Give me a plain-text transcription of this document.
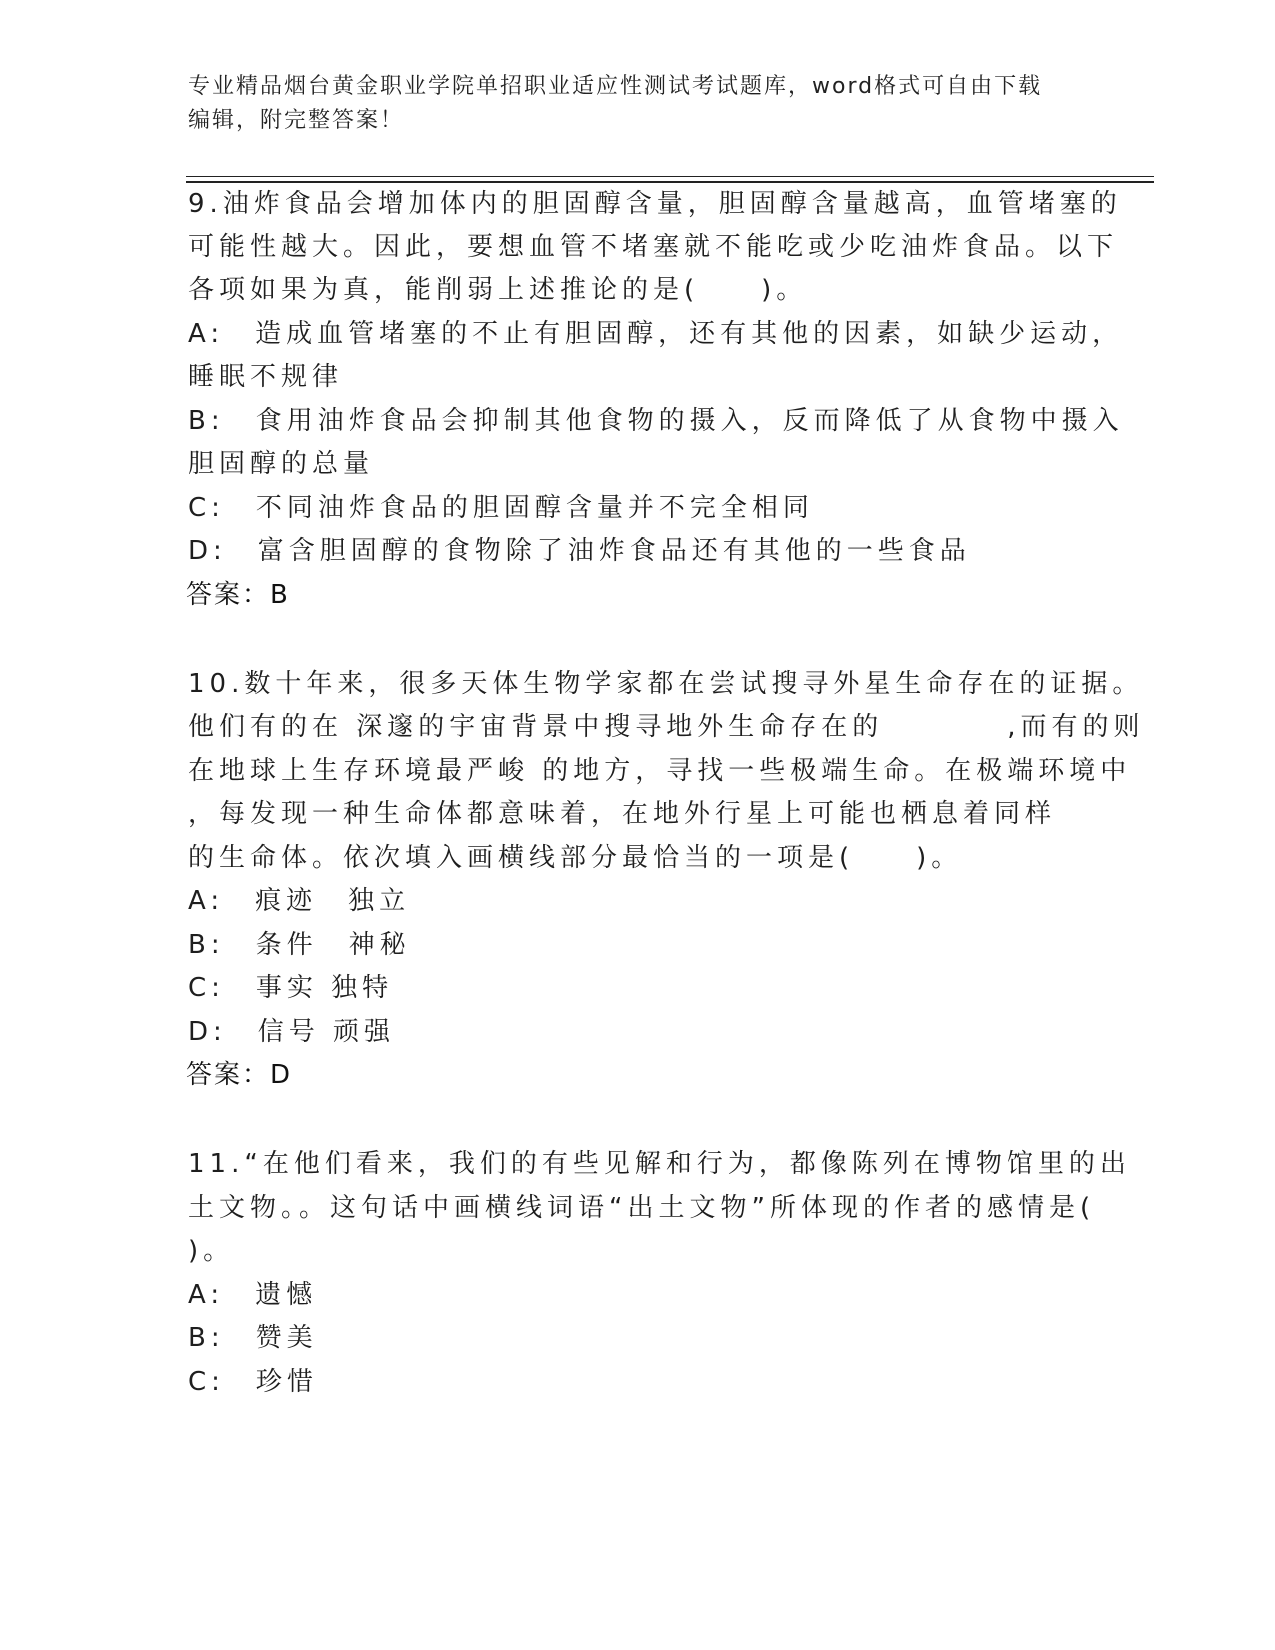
专业精品烟台黄金职业学院单招职业适应性测试考试题库，word格式可自由下载
编辑，附完整答案！
9.油炸食品会增加体内的胆固醇含量，胆固醇含量越高，血管堵塞的
可能性越大。因此，要想血管不堵塞就不能吃或少吃油炸食品。以下
各项如果为真，能削弱上述推论的是(　　)。
A:　造成血管堵塞的不止有胆固醇，还有其他的因素，如缺少运动，
睡眠不规律
B:　食用油炸食品会抑制其他食物的摄入，反而降低了从食物中摄入
胆固醇的总量
C:　不同油炸食品的胆固醇含量并不完全相同
D:　富含胆固醇的食物除了油炸食品还有其他的一些食品
答案：B
10.数十年来，很多天体生物学家都在尝试搜寻外星生命存在的证据。
他们有的在 深邃的宇宙背景中搜寻地外生命存在的　　　　,而有的则
在地球上生存环境最严峻 的地方，寻找一些极端生命。在极端环境中
，每发现一种生命体都意味着，在地外行星上可能也栖息着同样
的生命体。依次填入画横线部分最恰当的一项是(　　)。
A:　痕迹　独立
B:　条件　神秘
C:　事实 独特
D:　信号 顽强
答案：D
11.“在他们看来，我们的有些见解和行为，都像陈列在博物馆里的出
土文物。。这句话中画横线词语“出土文物”所体现的作者的感情是(
)。
A:　遗憾
B:　赞美
C:　珍惜
